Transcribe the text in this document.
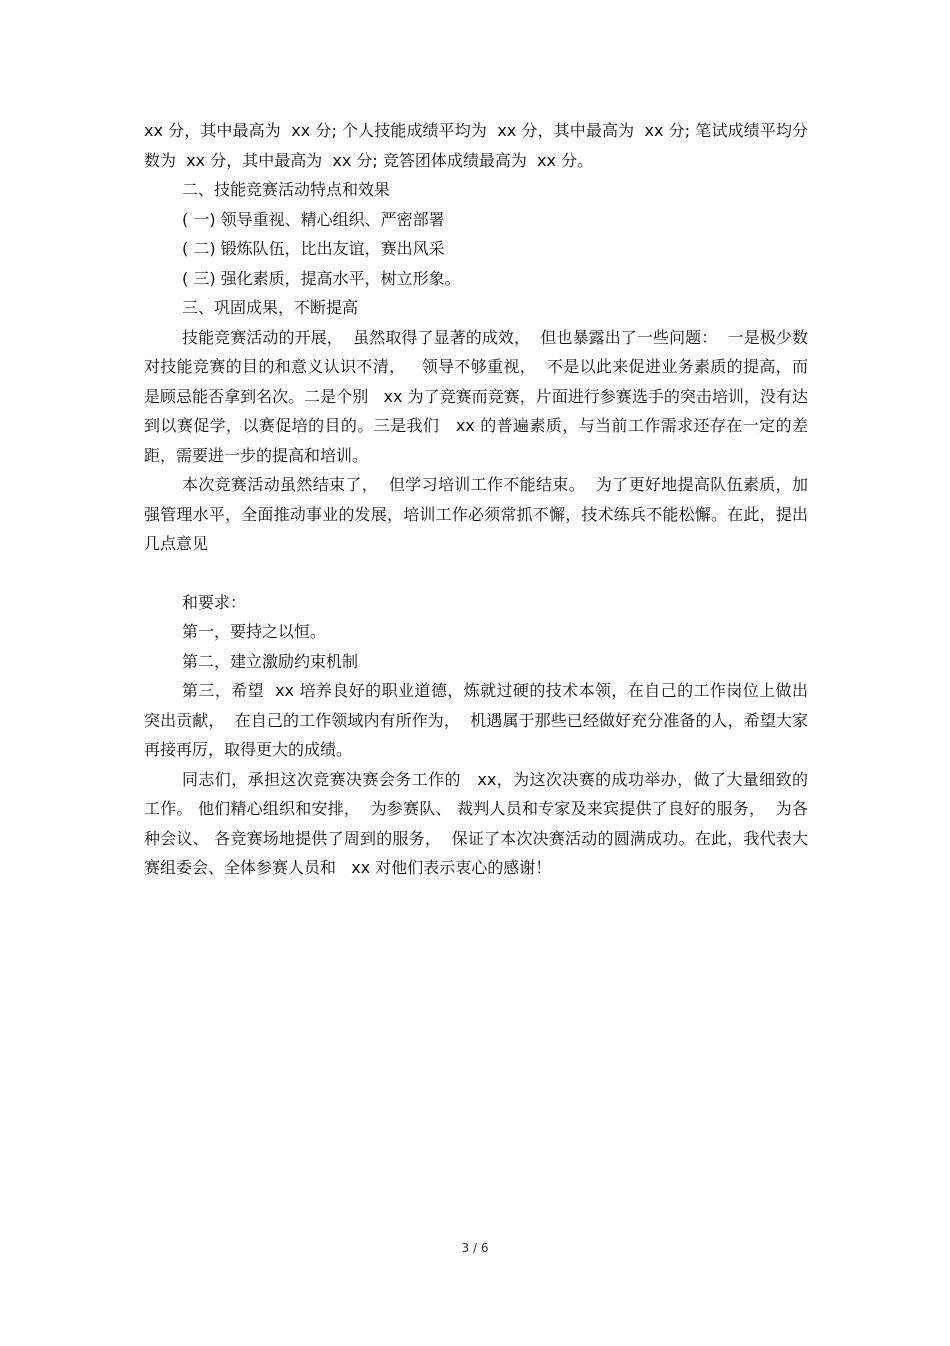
xx 分，其中最高为  xx 分; 个人技能成绩平均为  xx 分，其中最高为  xx 分; 笔试成绩平均分数为  xx 分，其中最高为  xx 分; 竞答团体成绩最高为  xx 分。

二、技能竞赛活动特点和效果

( 一) 领导重视、精心组织、严密部署

( 二) 锻炼队伍，比出友谊，赛出风采

( 三) 强化素质，提高水平，树立形象。

三、巩固成果，不断提高

技能竞赛活动的开展，  虽然取得了显著的成效，  但也暴露出了一些问题：  一是极少数对技能竞赛的目的和意义认识不清，   领导不够重视，  不是以此来促进业务素质的提高，而是顾忌能否拿到名次。二是个别   xx 为了竞赛而竞赛，片面进行参赛选手的突击培训，没有达到以赛促学，以赛促培的目的。三是我们   xx 的普遍素质，与当前工作需求还存在一定的差距，需要进一步的提高和培训。

本次竞赛活动虽然结束了，  但学习培训工作不能结束。  为了更好地提高队伍素质，加强管理水平，全面推动事业的发展，培训工作必须常抓不懈，技术练兵不能松懈。在此，提出几点意见

和要求：

第一，要持之以恒。

第二，建立激励约束机制

第三，希望  xx 培养良好的职业道德，炼就过硬的技术本领，在自己的工作岗位上做出突出贡献，  在自己的工作领域内有所作为，  机遇属于那些已经做好充分准备的人，希望大家再接再厉，取得更大的成绩。

同志们，承担这次竞赛决赛会务工作的   xx，为这次决赛的成功举办，做了大量细致的工作。 他们精心组织和安排，  为参赛队、 裁判人员和专家及来宾提供了良好的服务，  为各种会议、 各竞赛场地提供了周到的服务，  保证了本次决赛活动的圆满成功。在此，我代表大赛组委会、全体参赛人员和   xx 对他们表示衷心的感谢！

3 / 6
